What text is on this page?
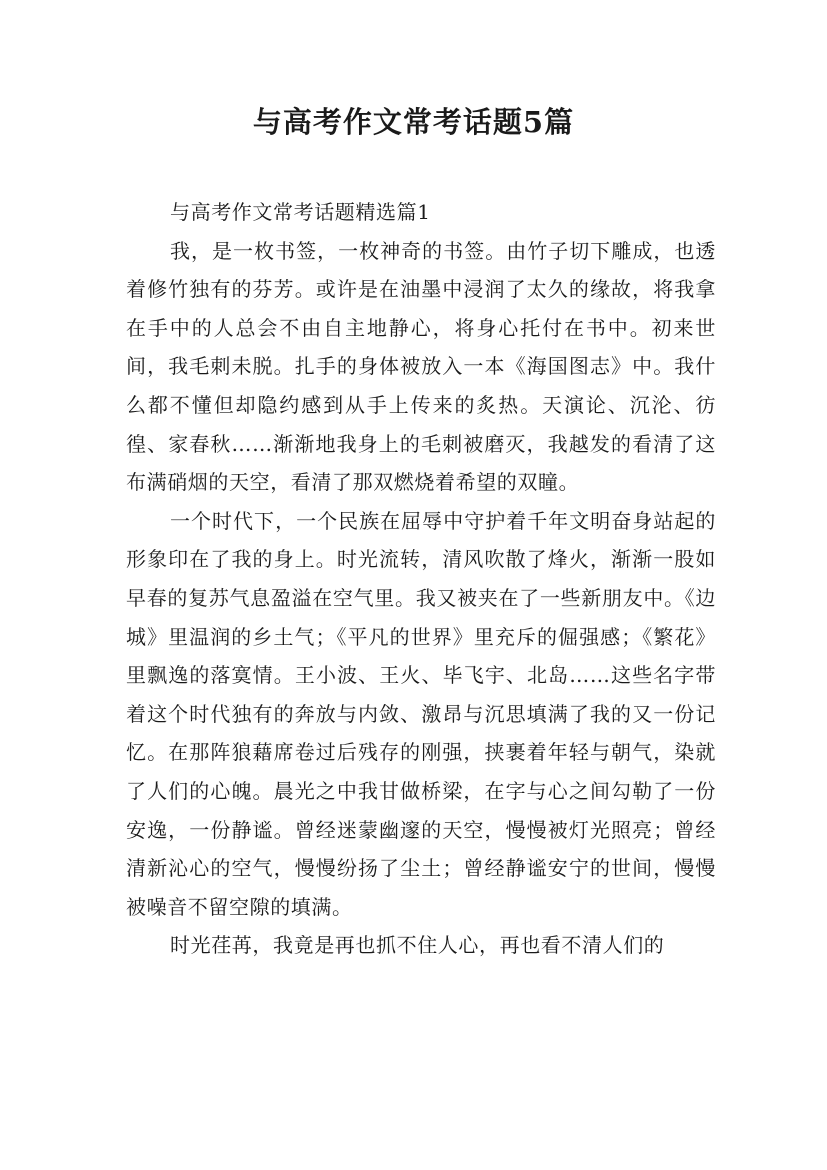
与高考作文常考话题5篇

与高考作文常考话题精选篇1

我，是一枚书签，一枚神奇的书签。由竹子切下雕成，也透着修竹独有的芬芳。或许是在油墨中浸润了太久的缘故，将我拿在手中的人总会不由自主地静心，将身心托付在书中。初来世间，我毛刺未脱。扎手的身体被放入一本《海国图志》中。我什么都不懂但却隐约感到从手上传来的炙热。天演论、沉沦、彷徨、家春秋……渐渐地我身上的毛刺被磨灭，我越发的看清了这布满硝烟的天空，看清了那双燃烧着希望的双瞳。

一个时代下，一个民族在屈辱中守护着千年文明奋身站起的形象印在了我的身上。时光流转，清风吹散了烽火，渐渐一股如早春的复苏气息盈溢在空气里。我又被夹在了一些新朋友中。《边城》里温润的乡土气；《平凡的世界》里充斥的倔强感；《繁花》里飘逸的落寞情。王小波、王火、毕飞宇、北岛……这些名字带着这个时代独有的奔放与内敛、激昂与沉思填满了我的又一份记忆。在那阵狼藉席卷过后残存的刚强，挟裹着年轻与朝气，染就了人们的心魄。晨光之中我甘做桥梁，在字与心之间勾勒了一份安逸，一份静谧。曾经迷蒙幽邃的天空，慢慢被灯光照亮；曾经清新沁心的空气，慢慢纷扬了尘土；曾经静谧安宁的世间，慢慢被噪音不留空隙的填满。

时光荏苒，我竟是再也抓不住人心，再也看不清人们的
